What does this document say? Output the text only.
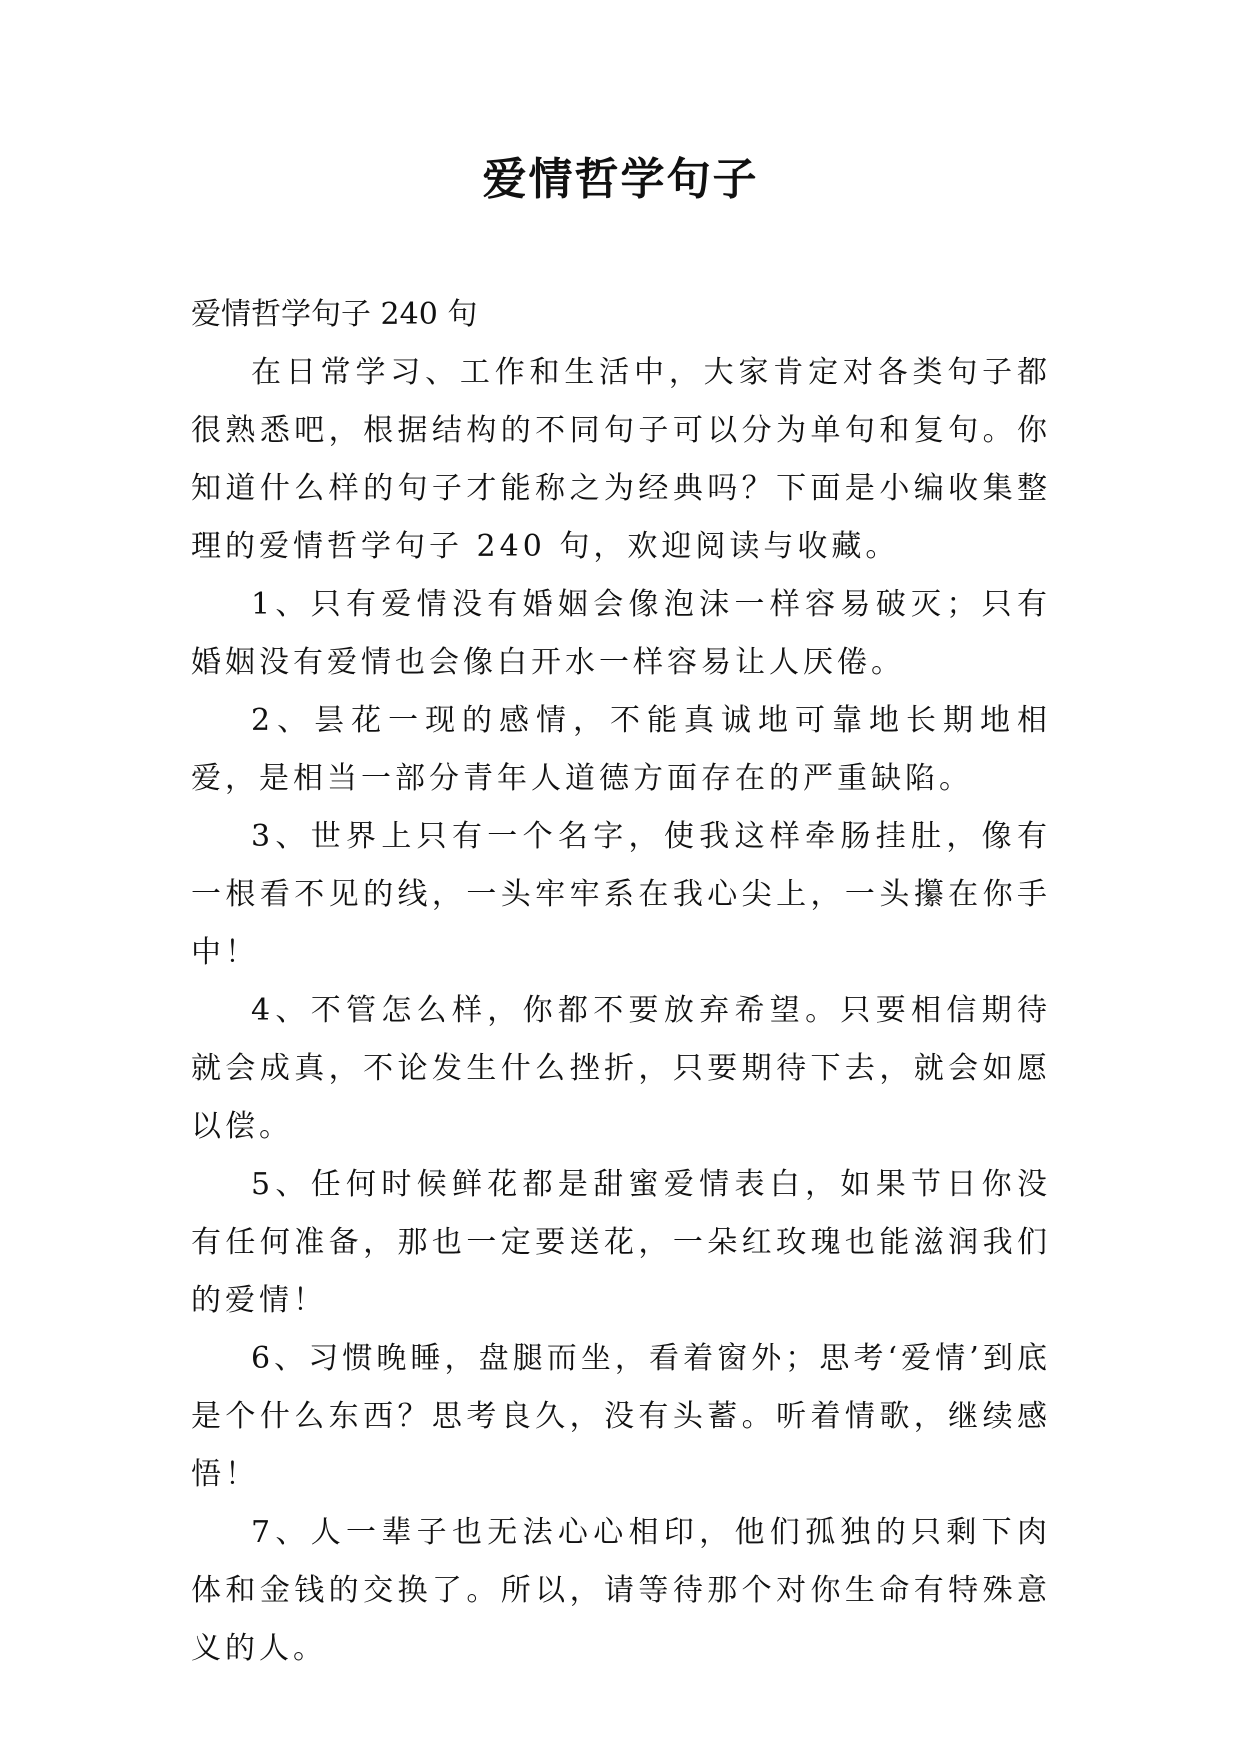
爱情哲学句子

爱情哲学句子 240 句

在日常学习、工作和生活中，大家肯定对各类句子都很熟悉吧，根据结构的不同句子可以分为单句和复句。你知道什么样的句子才能称之为经典吗？下面是小编收集整理的爱情哲学句子 240 句，欢迎阅读与收藏。

1、只有爱情没有婚姻会像泡沫一样容易破灭；只有婚姻没有爱情也会像白开水一样容易让人厌倦。

2、昙花一现的感情，不能真诚地可靠地长期地相爱，是相当一部分青年人道德方面存在的严重缺陷。

3、世界上只有一个名字，使我这样牵肠挂肚，像有一根看不见的线，一头牢牢系在我心尖上，一头攥在你手中！

4、不管怎么样，你都不要放弃希望。只要相信期待就会成真，不论发生什么挫折，只要期待下去，就会如愿以偿。

5、任何时候鲜花都是甜蜜爱情表白，如果节日你没有任何准备，那也一定要送花，一朵红玫瑰也能滋润我们的爱情！

6、习惯晚睡，盘腿而坐，看着窗外；思考‘爱情’到底是个什么东西？思考良久，没有头蓄。听着情歌，继续感悟！

7、人一辈子也无法心心相印，他们孤独的只剩下肉体和金钱的交换了。所以，请等待那个对你生命有特殊意义的人。
